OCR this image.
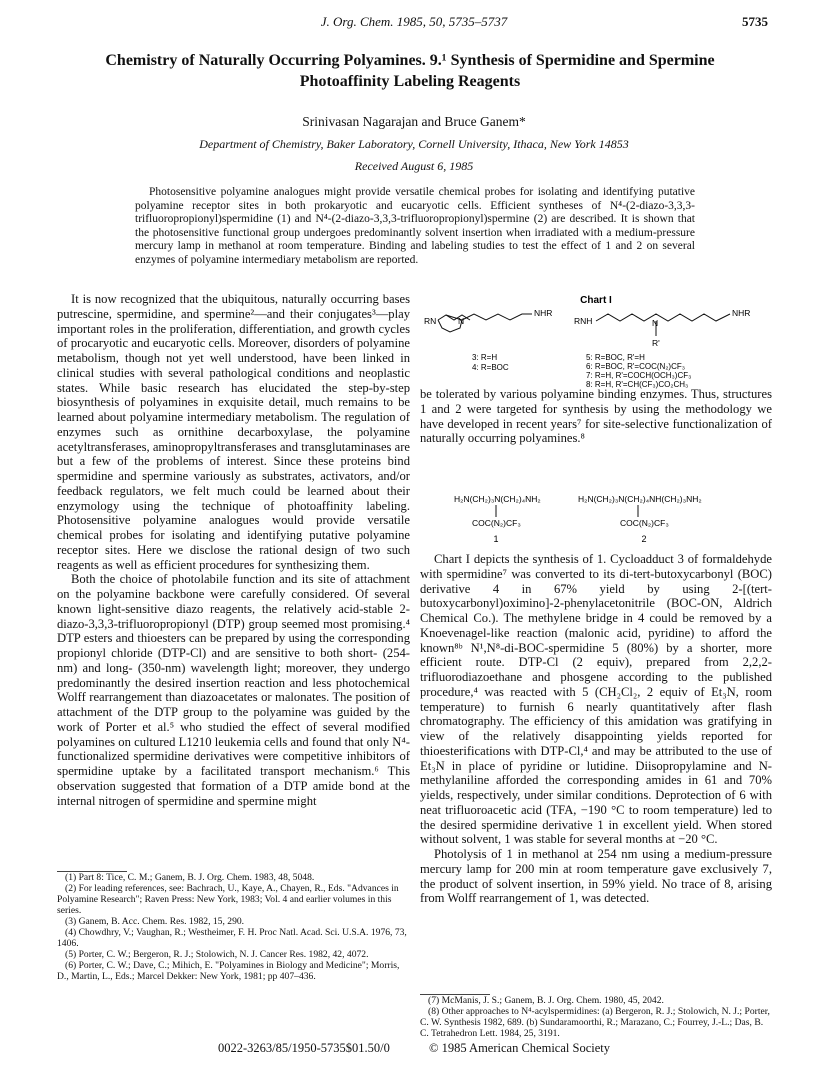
J. Org. Chem. 1985, 50, 5735–5737	5735
Chemistry of Naturally Occurring Polyamines. 9.¹ Synthesis of Spermidine and Spermine Photoaffinity Labeling Reagents
Srinivasan Nagarajan and Bruce Ganem*
Department of Chemistry, Baker Laboratory, Cornell University, Ithaca, New York 14853
Received August 6, 1985

Photosensitive polyamine analogues might provide versatile chemical probes for isolating and identifying putative polyamine receptor sites in both prokaryotic and eucaryotic cells. Efficient syntheses of N⁴-(2-diazo-3,3,3-trifluoropropionyl)spermidine (1) and N⁴-(2-diazo-3,3,3-trifluoropropionyl)spermine (2) are described. It is shown that the photosensitive functional group undergoes predominantly solvent insertion when irradiated with a medium-pressure mercury lamp in methanol at room temperature. Binding and labeling studies to test the effect of 1 and 2 on several enzymes of polyamine intermediary metabolism are reported.

It is now recognized that the ubiquitous, naturally occurring bases putrescine, spermidine, and spermine²—and their conjugates³—play important roles in the proliferation, differentiation, and growth cycles of procaryotic and eucaryotic cells. Moreover, disorders of polyamine metabolism, though not yet well understood, have been linked in clinical studies with several pathological conditions and neoplastic states. While basic research has elucidated the step-by-step biosynthesis of polyamines in exquisite detail, much remains to be learned about polyamine intermediary metabolism. The regulation of enzymes such as ornithine decarboxylase, the polyamine acetyltransferases, aminopropyltransferases and transglutaminases are but a few of the problems of interest. Since these proteins bind spermidine and spermine variously as substrates, activators, and/or feedback regulators, we felt much could be learned about their enzymology using the technique of photoaffinity labeling. Photosensitive polyamine analogues would provide versatile chemical probes for isolating and identifying putative polyamine receptor sites. Here we disclose the rational design of two such reagents as well as efficient procedures for synthesizing them.

Both the choice of photolabile function and its site of attachment on the polyamine backbone were carefully considered. Of several known light-sensitive diazo reagents, the relatively acid-stable 2-diazo-3,3,3-trifluoropropionyl (DTP) group seemed most promising.⁴ DTP esters and thioesters can be prepared by using the corresponding propionyl chloride (DTP-Cl) and are sensitive to both short- (254-nm) and long- (350-nm) wavelength light; moreover, they undergo predominantly the desired insertion reaction and less photochemical Wolff rearrangement than diazoacetates or malonates. The position of attachment of the DTP group to the polyamine was guided by the work of Porter et al.⁵ who studied the effect of several modified polyamines on cultured L1210 leukemia cells and found that only N⁴-functionalized spermidine derivatives were competitive inhibitors of spermidine uptake by a facilitated transport mechanism.⁶ This observation suggested that formation of a DTP amide bond at the internal nitrogen of spermidine and spermine might

Chart I
RN	N
NHR
RNH	N
R'
NHR
3: R=H
4: R=BOC
5: R=BOC, R'=H
6: R=BOC, R'=COC(N₂)CF₃
7: R=H, R'=COCH(OCH₃)CF₃
8: R=H, R'=CH(CF₃)CO₂CH₃

be tolerated by various polyamine binding enzymes. Thus, structures 1 and 2 were targeted for synthesis by using the methodology we have developed in recent years⁷ for site-selective functionalization of naturally occurring polyamines.⁸

H₂N(CH₂)₃N(CH₂)₄NH₂
COC(N₂)CF₃
1
H₂N(CH₂)₃N(CH₂)₄NH(CH₂)₃NH₂
COC(N₂)CF₃
2

Chart I depicts the synthesis of 1. Cycloadduct 3 of formaldehyde with spermidine⁷ was converted to its di-tert-butoxycarbonyl (BOC) derivative 4 in 67% yield by using 2-[(tert-butoxycarbonyl)oximino]-2-phenylacetonitrile (BOC-ON, Aldrich Chemical Co.). The methylene bridge in 4 could be removed by a Knoevenagel-like reaction (malonic acid, pyridine) to afford the known⁸ᵇ N¹,N⁸-di-BOC-spermidine 5 (80%) by a shorter, more efficient route. DTP-Cl (2 equiv), prepared from 2,2,2-trifluorodiazoethane and phosgene according to the published procedure,⁴ was reacted with 5 (CH₂Cl₂, 2 equiv of Et₃N, room temperature) to furnish 6 nearly quantitatively after flash chromatography. The efficiency of this amidation was gratifying in view of the relatively disappointing yields reported for thioesterifications with DTP-Cl,⁴ and may be attributed to the use of Et₃N in place of pyridine or lutidine. Diisopropylamine and N-methylaniline afforded the corresponding amides in 61 and 70% yields, respectively, under similar conditions. Deprotection of 6 with neat trifluoroacetic acid (TFA, −190 °C to room temperature) led to the desired spermidine derivative 1 in excellent yield. When stored without solvent, 1 was stable for several months at −20 °C.

Photolysis of 1 in methanol at 254 nm using a medium-pressure mercury lamp for 200 min at room temperature gave exclusively 7, the product of solvent insertion, in 59% yield. No trace of 8, arising from Wolff rearrangement of 1, was detected.

(1) Part 8: Tice, C. M.; Ganem, B. J. Org. Chem. 1983, 48, 5048.

(2) For leading references, see: Bachrach, U., Kaye, A., Chayen, R., Eds. "Advances in Polyamine Research"; Raven Press: New York, 1983; Vol. 4 and earlier volumes in this series.

(3) Ganem, B. Acc. Chem. Res. 1982, 15, 290.

(4) Chowdhry, V.; Vaughan, R.; Westheimer, F. H. Proc Natl. Acad. Sci. U.S.A. 1976, 73, 1406.

(5) Porter, C. W.; Bergeron, R. J.; Stolowich, N. J. Cancer Res. 1982, 42, 4072.

(6) Porter, C. W.; Dave, C.; Mihich, E. "Polyamines in Biology and Medicine"; Morris, D., Martin, L., Eds.; Marcel Dekker: New York, 1981; pp 407–436.

(7) McManis, J. S.; Ganem, B. J. Org. Chem. 1980, 45, 2042.

(8) Other approaches to N⁴-acylspermidines: (a) Bergeron, R. J.; Stolowich, N. J.; Porter, C. W. Synthesis 1982, 689. (b) Sundaramoorthi, R.; Marazano, C.; Fourrey, J.-L.; Das, B. C. Tetrahedron Lett. 1984, 25, 3191.

0022-3263/85/1950-5735$01.50/0	© 1985 American Chemical Society
